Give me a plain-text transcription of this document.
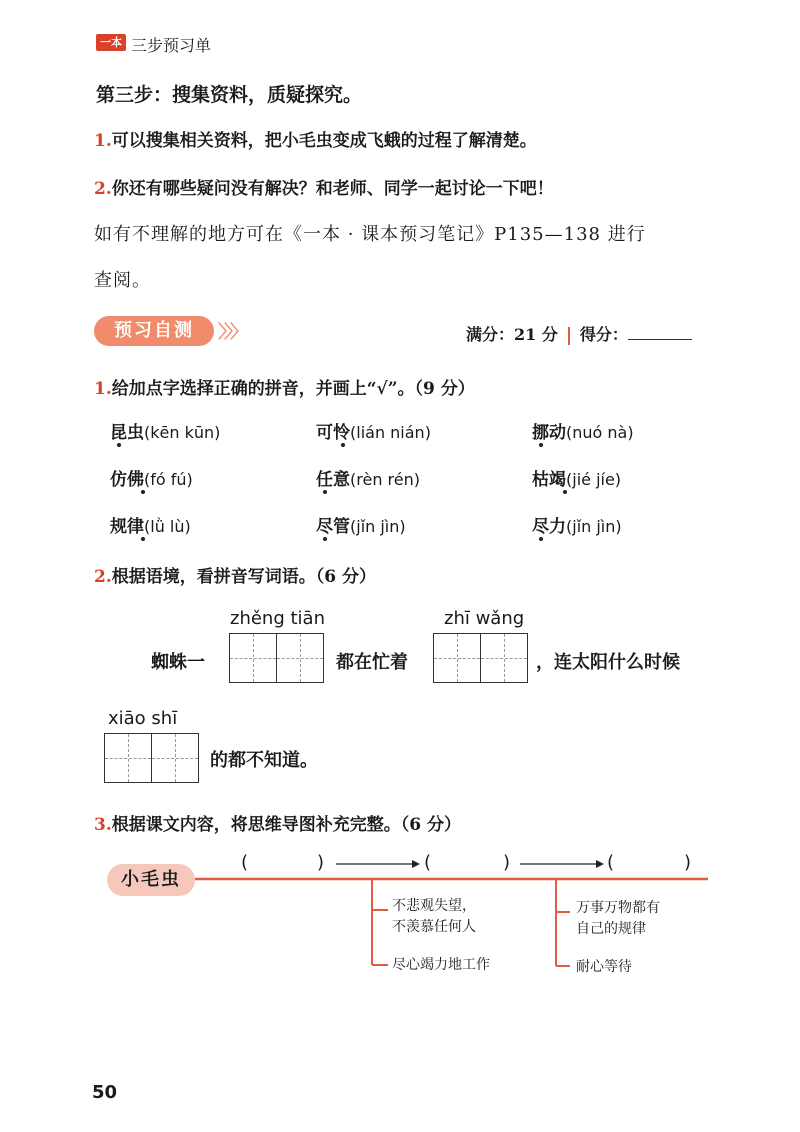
一本 三步预习单
第三步：搜集资料，质疑探究。
1.可以搜集相关资料，把小毛虫变成飞蛾的过程了解清楚。
2.你还有哪些疑问没有解决？和老师、同学一起讨论一下吧！
如有不理解的地方可在《一本 · 课本预习笔记》P135—138 进行
查阅。
预习自测	〉〉〉	满分：21 分 得分：
1.给加点字选择正确的拼音，并画上“√”。（9 分）
昆虫(kēn kūn)	可怜(lián nián)	挪动(nuó nà)
仿佛(fó fú)	任意(rèn rén)	枯竭(jié jíe)
规律(lǜ lù)	尽管(jǐn jìn)	尽力(jǐn jìn)
2.根据语境，看拼音写词语。（6 分）
zhěng tiān	zhī wǎng
蜘蛛一	都在忙着	，连太阳什么时候
xiāo shī
的都不知道。
3.根据课文内容，将思维导图补充完整。（6 分）
小毛虫
(	)	(	)	(	)
不悲观失望，
不羡慕任何人
尽心竭力地工作
万事万物都有
自己的规律
耐心等待
50
